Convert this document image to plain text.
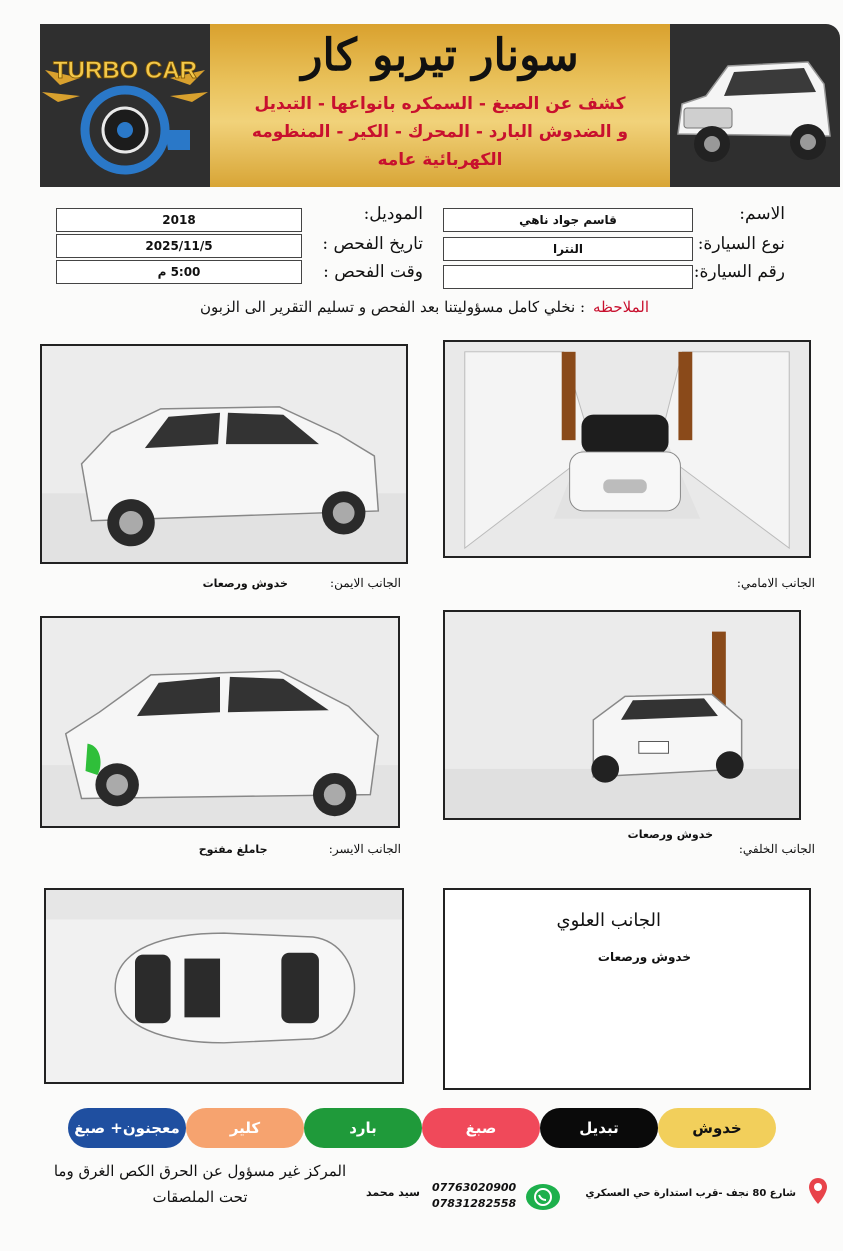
TURBO CAR	سونار تيربو كار
كشف عن الصبغ - السمكره بانواعها - التبديل
و الضدوش البارد - المحرك - الكير - المنظومه
الكهربائية عامه
الاسم:
قاسم جواد ناهي
نوع السيارة:
النترا
رقم السيارة:
الموديل:
2018
تاريخ الفحص :
2025/11/5
وقت الفحص :
5:00 م
الملاحظه: نخلي كامل مسؤوليتنا بعد الفحص و تسليم التقرير الى الزبون
الجانب الامامي:
الجانب الايمن:           خدوش ورصعات
الجانب الخلفي:
خدوش ورصعات
الجانب الايسر:                جاملغ مفتوح
الجانب العلوي
خدوش ورصعات
خدوش
تبديل
صبغ
بارد
كلير
معجنون+ صبغ
المركز غير مسؤول عن الحرق الكص الغرق وما
تحت الملصقات	سيد محمد 07763020900
07831282558
شارع 80 نجف -قرب استدارة حي العسكري
